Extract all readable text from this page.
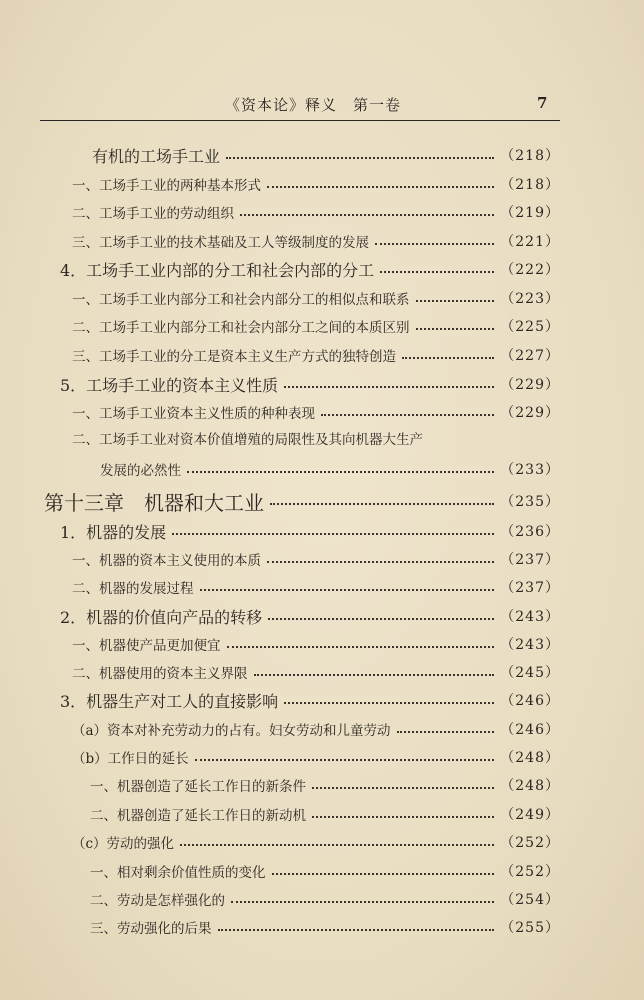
《资本论》释义　第一卷	7
有机的工场手工业	（218）
一、工场手工业的两种基本形式	（218）
二、工场手工业的劳动组织	（219）
三、工场手工业的技术基础及工人等级制度的发展	（221）
4．工场手工业内部的分工和社会内部的分工	（222）
一、工场手工业内部分工和社会内部分工的相似点和联系	（223）
二、工场手工业内部分工和社会内部分工之间的本质区别	（225）
三、工场手工业的分工是资本主义生产方式的独特创造	（227）
5．工场手工业的资本主义性质	（229）
一、工场手工业资本主义性质的种种表现	（229）
二、工场手工业对资本价值增殖的局限性及其向机器大生产
发展的必然性	（233）
第十三章　机器和大工业	（235）
1．机器的发展	（236）
一、机器的资本主义使用的本质	（237）
二、机器的发展过程	（237）
2．机器的价值向产品的转移	（243）
一、机器使产品更加便宜	（243）
二、机器使用的资本主义界限	（245）
3．机器生产对工人的直接影响	（246）
（a）资本对补充劳动力的占有。妇女劳动和儿童劳动	（246）
（b）工作日的延长	（248）
一、机器创造了延长工作日的新条件	（248）
二、机器创造了延长工作日的新动机	（249）
（c）劳动的强化	（252）
一、相对剩余价值性质的变化	（252）
二、劳动是怎样强化的	（254）
三、劳动强化的后果	（255）
